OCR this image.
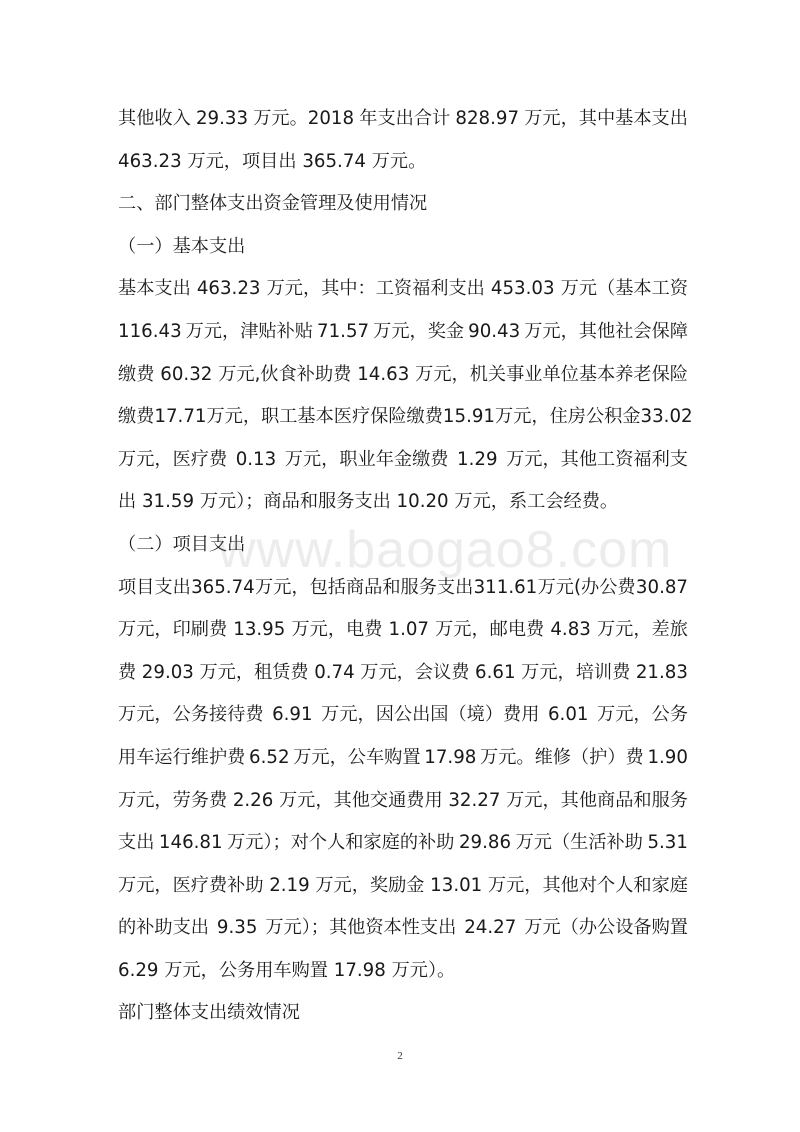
其他收入 29.33 万元。2018 年支出合计 828.97 万元，其中基本支出
463.23 万元，项目出 365.74 万元。
二、部门整体支出资金管理及使用情况
（一）基本支出
基本支出 463.23 万元，其中：工资福利支出 453.03 万元（基本工资
116.43 万元，津贴补贴 71.57 万元，奖金 90.43 万元，其他社会保障
缴费 60.32 万元,伙食补助费 14.63 万元，机关事业单位基本养老保险
缴费 17.71 万元，职工基本医疗保险缴费 15.91 万元，住房公积金 33.02
万元，医疗费 0.13 万元，职业年金缴费 1.29 万元，其他工资福利支
出 31.59 万元）；商品和服务支出 10.20 万元，系工会经费。
（二）项目支出
项目支出 365.74 万元，包括商品和服务支出 311.61 万元(办公费 30.87
万元，印刷费 13.95 万元，电费 1.07 万元，邮电费 4.83 万元，差旅
费 29.03 万元，租赁费 0.74 万元，会议费 6.61 万元，培训费 21.83
万元，公务接待费 6.91 万元，因公出国（境）费用 6.01 万元，公务
用车运行维护费 6.52 万元，公车购置 17.98 万元。维修（护）费 1.90
万元，劳务费 2.26 万元，其他交通费用 32.27 万元，其他商品和服务
支出 146.81 万元）；对个人和家庭的补助 29.86 万元（生活补助 5.31
万元，医疗费补助 2.19 万元，奖励金 13.01 万元，其他对个人和家庭
的补助支出 9.35 万元）；其他资本性支出 24.27 万元（办公设备购置
6.29 万元，公务用车购置 17.98 万元）。
部门整体支出绩效情况
www.baogao8.com
2
